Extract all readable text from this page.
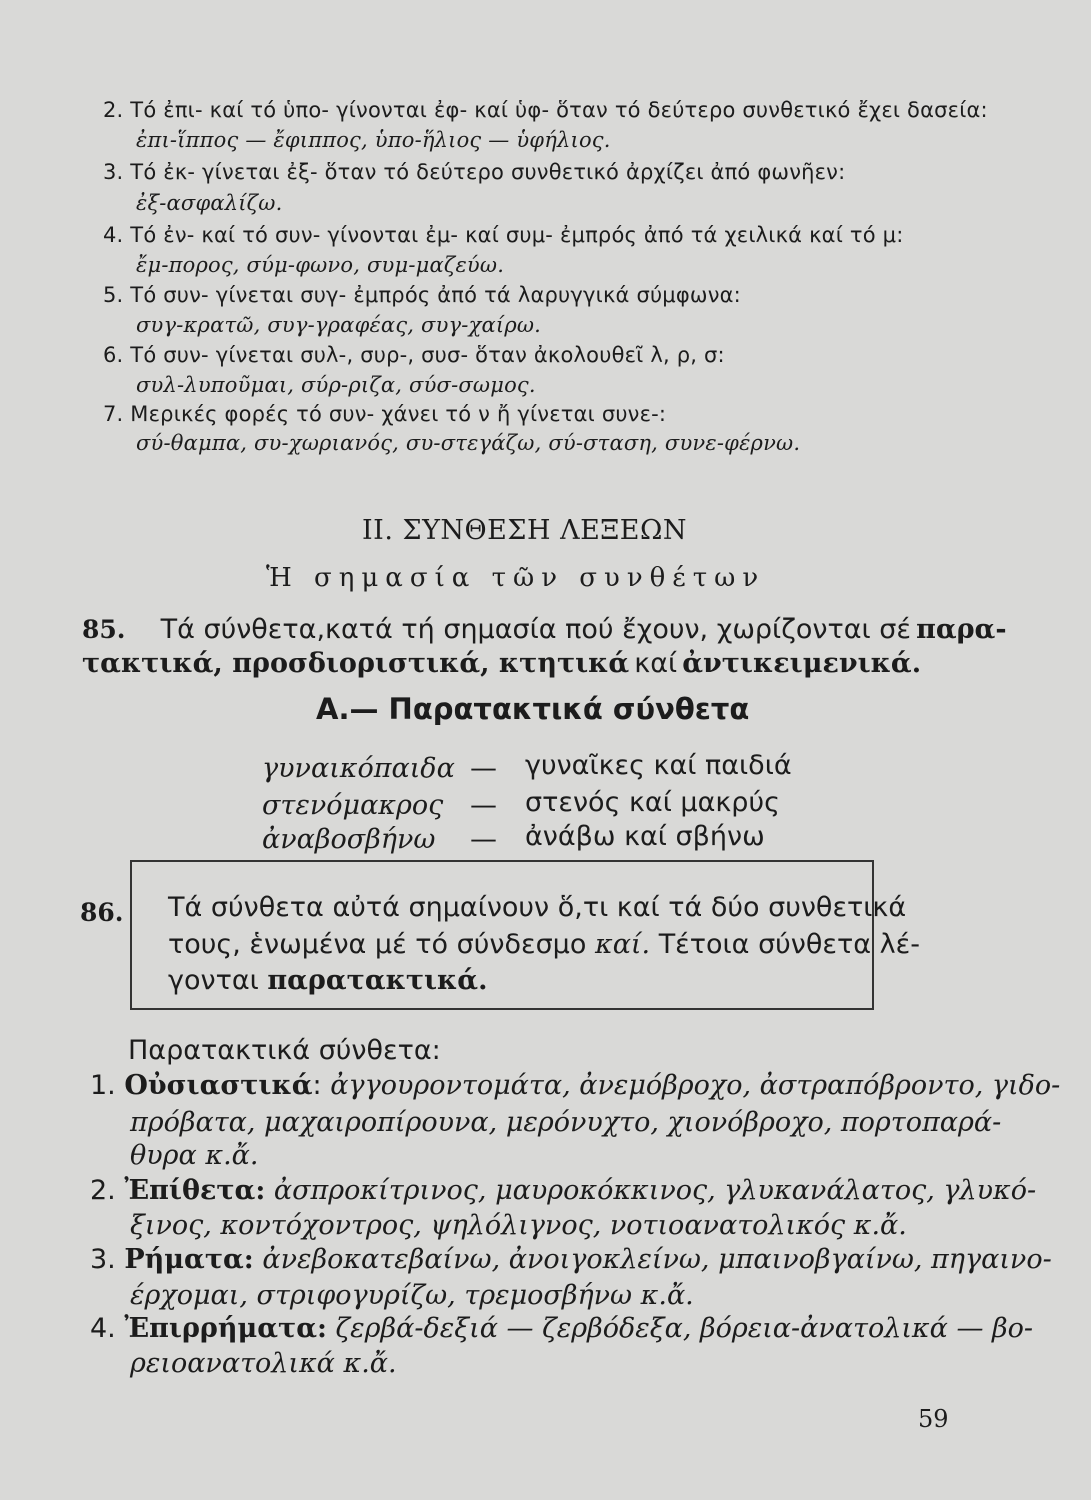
2. Τό ἐπι- καί τό ὑπο- γίνονται ἐφ- καί ὑφ- ὅταν τό δεύτερο συνθετικό ἔχει δασεία:
ἐπι-ἵππος — ἔφιππος, ὑπο-ἥλιος — ὑφήλιος.
3. Τό ἐκ- γίνεται ἐξ- ὅταν τό δεύτερο συνθετικό ἀρχίζει ἀπό φωνῆεν:
ἐξ-ασφαλίζω.
4. Τό ἐν- καί τό συν- γίνονται ἐμ- καί συμ- ἐμπρός ἀπό τά χειλικά καί τό μ:
ἔμ-πορος, σύμ-φωνο, συμ-μαζεύω.
5. Τό συν- γίνεται συγ- ἐμπρός ἀπό τά λαρυγγικά σύμφωνα:
συγ-κρατῶ, συγ-γραφέας, συγ-χαίρω.
6. Τό συν- γίνεται συλ-, συρ-, συσ- ὅταν ἀκολουθεῖ λ, ρ, σ:
συλ-λυποῦμαι, σύρ-ριζα, σύσ-σωμος.
7. Μερικές φορές τό συν- χάνει τό ν ἤ γίνεται συνε-:
σύ-θαμπα, συ-χωριανός, συ-στεγάζω, σύ-σταση, συνε-φέρνω.
II. ΣΥΝΘΕΣΗ ΛΕΞΕΩΝ
Ἡ σημασία τῶν συνθέτων
85. Τά σύνθετα,κατά τή σημασία πού ἔχουν, χωρίζονται σέ παρα-
τακτικά, προσδιοριστικά, κτητικά καί ἀντικειμενικά.
Α.— Παρατακτικά σύνθετα
γυναικόπαιδα — γυναῖκες καί παιδιά
στενόμακρος — στενός καί μακρύς
ἀναβοσβήνω — ἀνάβω καί σβήνω
86. Τά σύνθετα αὐτά σημαίνουν ὅ,τι καί τά δύο συνθετικά
τους, ἑνωμένα μέ τό σύνδεσμο καί. Τέτοια σύνθετα λέ-
γονται παρατακτικά.
Παρατακτικά σύνθετα:
1. Οὐσιαστικά: ἀγγουροντομάτα, ἀνεμόβροχο, ἀστραπόβροντο, γιδο-
πρόβατα, μαχαιροπίρουνα, μερόνυχτο, χιονόβροχο, πορτοπαρά-
θυρα κ.ἄ.
2. Ἐπίθετα: ἀσπροκίτρινος, μαυροκόκκινος, γλυκανάλατος, γλυκό-
ξινος, κοντόχοντρος, ψηλόλιγνος, νοτιοανατολικός κ.ἄ.
3. Ρήματα: ἀνεβοκατεβαίνω, ἀνοιγοκλείνω, μπαινοβγαίνω, πηγαινο-
έρχομαι, στριφογυρίζω, τρεμοσβήνω κ.ἄ.
4. Ἐπιρρήματα: ζερβά-δεξιά — ζερβόδεξα, βόρεια-ἀνατολικά — βο-
ρειοανατολικά κ.ἄ.
59
